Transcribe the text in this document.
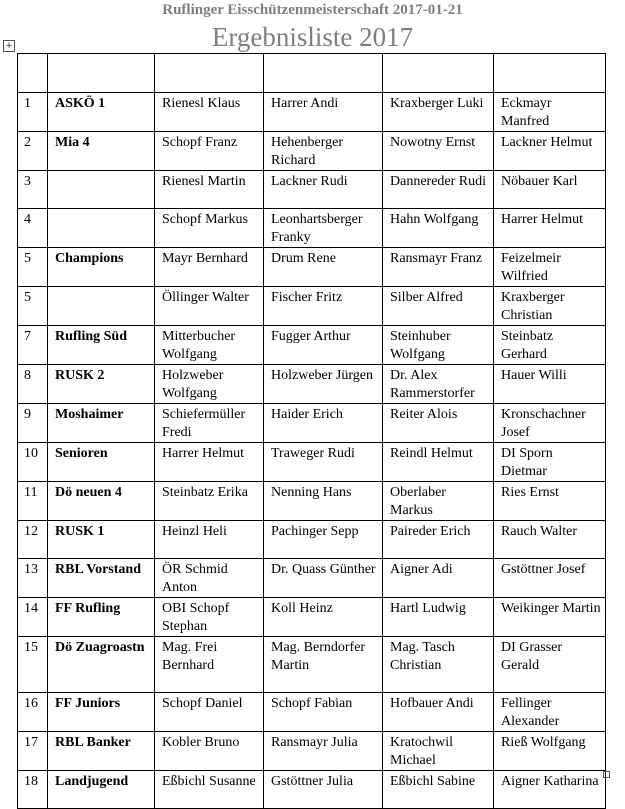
Ruflinger Eisschützenmeisterschaft 2017-01-21
Ergebnisliste 2017
+

1	ASKÖ 1	Rienesl Klaus	Harrer Andi	Kraxberger Luki	Eckmayr Manfred
2	Mia 4	Schopf Franz	Hehenberger Richard	Nowotny Ernst	Lackner Helmut
3		Rienesl Martin	Lackner Rudi	Dannereder Rudi	Nöbauer Karl
4		Schopf Markus	Leonhartsberger Franky	Hahn Wolfgang	Harrer Helmut
5	Champions	Mayr Bernhard	Drum Rene	Ransmayr Franz	Feizelmeir Wilfried
5		Öllinger Walter	Fischer Fritz	Silber Alfred	Kraxberger Christian
7	Rufling Süd	Mitterbucher Wolfgang	Fugger Arthur	Steinhuber Wolfgang	Steinbatz Gerhard
8	RUSK 2	Holzweber Wolfgang	Holzweber Jürgen	Dr. Alex Rammerstorfer	Hauer Willi
9	Moshaimer	Schiefermüller Fredi	Haider Erich	Reiter Alois	Kronschachner Josef
10	Senioren	Harrer Helmut	Traweger Rudi	Reindl Helmut	DI Sporn Dietmar
11	Dö neuen 4	Steinbatz Erika	Nenning Hans	Oberlaber Markus	Ries Ernst
12	RUSK 1	Heinzl Heli	Pachinger Sepp	Paireder Erich	Rauch Walter
13	RBL Vorstand	ÖR Schmid Anton	Dr. Quass Günther	Aigner Adi	Gstöttner Josef
14	FF Rufling	OBI Schopf Stephan	Koll Heinz	Hartl Ludwig	Weikinger Martin
15	Dö Zuagroastn	Mag. Frei Bernhard	Mag. Berndorfer Martin	Mag. Tasch Christian	DI Grasser Gerald
16	FF Juniors	Schopf Daniel	Schopf Fabian	Hofbauer Andi	Fellinger Alexander
17	RBL Banker	Kobler Bruno	Ransmayr Julia	Kratochwil Michael	Rieß Wolfgang
18	Landjugend	Eßbichl Susanne	Gstöttner Julia	Eßbichl Sabine	Aigner Katharina
